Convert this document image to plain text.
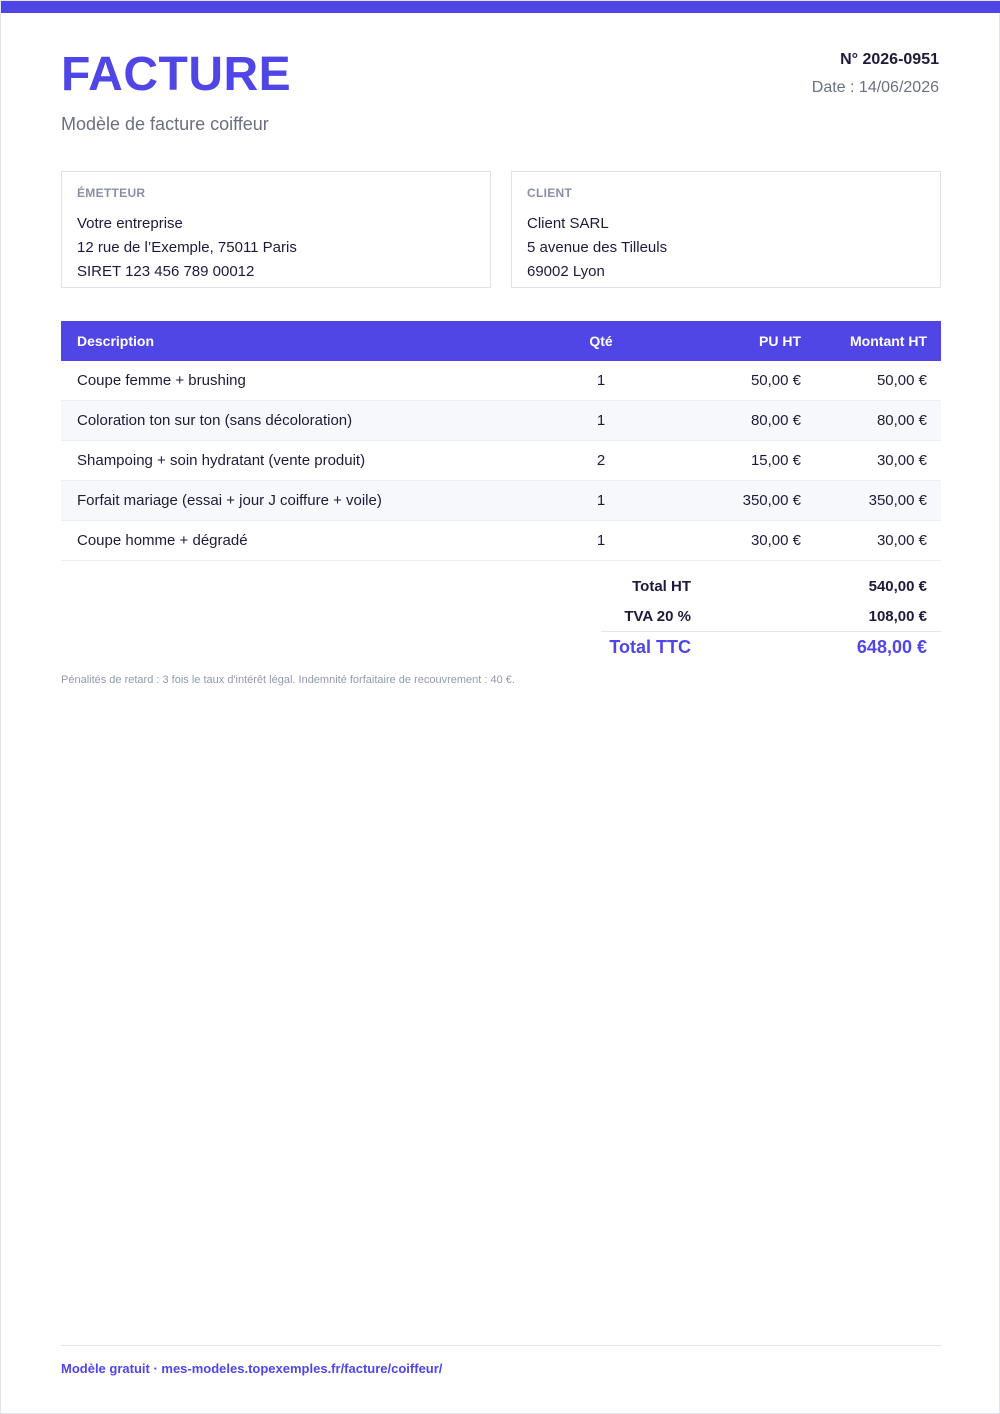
FACTURE
Modèle de facture coiffeur
N° 2026-0951
Date : 14/06/2026
ÉMETTEUR
Votre entreprise
12 rue de l’Exemple, 75011 Paris
SIRET 123 456 789 00012
CLIENT
Client SARL
5 avenue des Tilleuls
69002 Lyon
Description	Qté	PU HT	Montant HT
Coupe femme + brushing	1	50,00 €	50,00 €
Coloration ton sur ton (sans décoloration)	1	80,00 €	80,00 €
Shampoing + soin hydratant (vente produit)	2	15,00 €	30,00 €
Forfait mariage (essai + jour J coiffure + voile)	1	350,00 €	350,00 €
Coupe homme + dégradé	1	30,00 €	30,00 €
Total HT	540,00 €
TVA 20 %	108,00 €
Total TTC	648,00 €
Pénalités de retard : 3 fois le taux d'intérêt légal. Indemnité forfaitaire de recouvrement : 40 €.
Modèle gratuit · mes-modeles.topexemples.fr/facture/coiffeur/
